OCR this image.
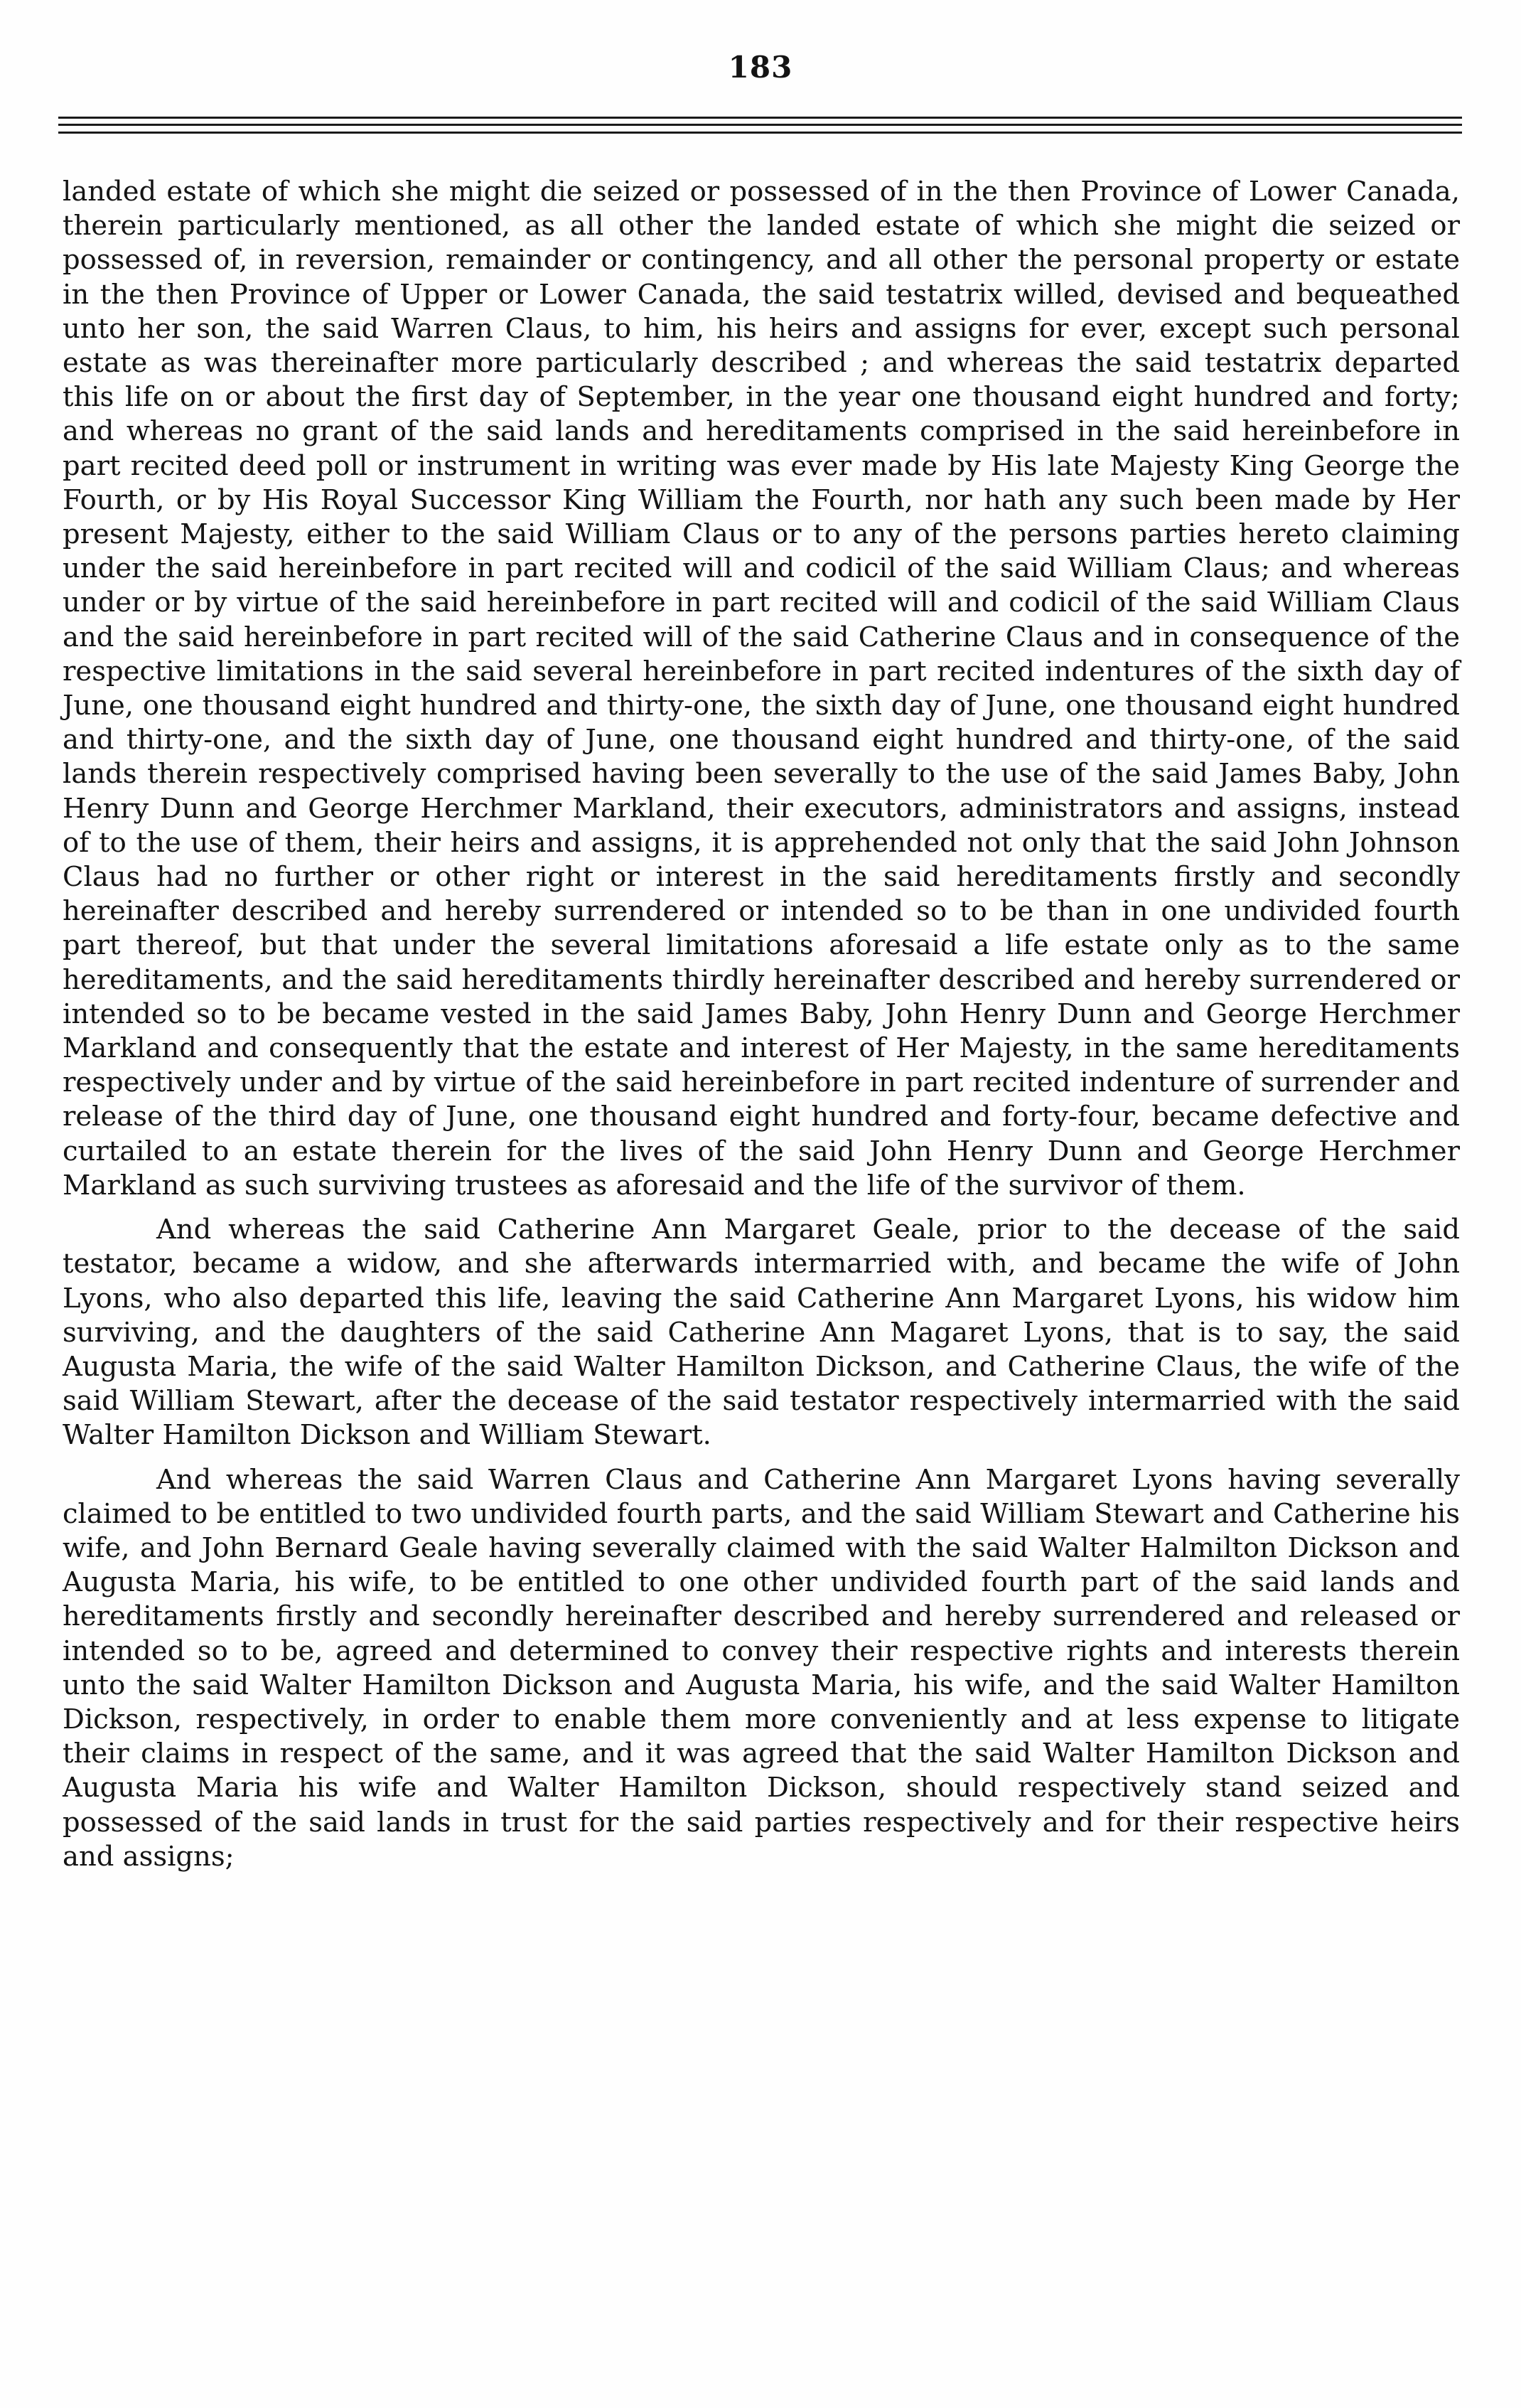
183

landed estate of which she might die seized or possessed of in the then Province of Lower Canada, therein particularly mentioned, as all other the landed estate of which she might die seized or possessed of, in reversion, remainder or contingency, and all other the personal property or estate in the then Province of Upper or Lower Canada, the said testatrix willed, devised and bequeathed unto her son, the said Warren Claus, to him, his heirs and assigns for ever, except such personal estate as was thereinafter more particularly described ; and whereas the said testatrix departed this life on or about the first day of September, in the year one thousand eight hundred and forty; and whereas no grant of the said lands and hereditaments comprised in the said hereinbefore in part recited deed poll or instrument in writing was ever made by His late Majesty King George the Fourth, or by His Royal Successor King William the Fourth, nor hath any such been made by Her present Majesty, either to the said William Claus or to any of the persons parties hereto claiming under the said hereinbefore in part recited will and codicil of the said William Claus; and whereas under or by virtue of the said hereinbefore in part recited will and codicil of the said William Claus and the said hereinbefore in part recited will of the said Catherine Claus and in consequence of the respective limitations in the said several hereinbefore in part recited indentures of the sixth day of June, one thousand eight hundred and thirty-one, the sixth day of June, one thousand eight hundred and thirty-one, and the sixth day of June, one thousand eight hundred and thirty-one, of the said lands therein respectively comprised having been severally to the use of the said James Baby, John Henry Dunn and George Herchmer Markland, their executors, administrators and assigns, instead of to the use of them, their heirs and assigns, it is apprehended not only that the said John Johnson Claus had no further or other right or interest in the said hereditaments firstly and secondly hereinafter described and hereby surrendered or intended so to be than in one undivided fourth part thereof, but that under the several limitations aforesaid a life estate only as to the same hereditaments, and the said hereditaments thirdly hereinafter described and hereby surrendered or intended so to be became vested in the said James Baby, John Henry Dunn and George Herchmer Markland and consequently that the estate and interest of Her Majesty, in the same hereditaments respectively under and by virtue of the said hereinbefore in part recited indenture of surrender and release of the third day of June, one thousand eight hundred and forty-four, became defective and curtailed to an estate therein for the lives of the said John Henry Dunn and George Herchmer Markland as such surviving trustees as aforesaid and the life of the survivor of them.

And whereas the said Catherine Ann Margaret Geale, prior to the decease of the said testator, became a widow, and she afterwards intermarried with, and became the wife of John Lyons, who also departed this life, leaving the said Catherine Ann Margaret Lyons, his widow him surviving, and the daughters of the said Catherine Ann Magaret Lyons, that is to say, the said Augusta Maria, the wife of the said Walter Hamilton Dickson, and Catherine Claus, the wife of the said William Stewart, after the decease of the said testator respectively intermarried with the said Walter Hamilton Dickson and William Stewart.

And whereas the said Warren Claus and Catherine Ann Margaret Lyons having severally claimed to be entitled to two undivided fourth parts, and the said William Stewart and Catherine his wife, and John Bernard Geale having severally claimed with the said Walter Halmilton Dickson and Augusta Maria, his wife, to be entitled to one other undivided fourth part of the said lands and hereditaments firstly and secondly hereinafter described and hereby surrendered and released or intended so to be, agreed and determined to convey their respective rights and interests therein unto the said Walter Hamilton Dickson and Augusta Maria, his wife, and the said Walter Hamilton Dickson, respectively, in order to enable them more conveniently and at less expense to litigate their claims in respect of the same, and it was agreed that the said Walter Hamilton Dickson and Augusta Maria his wife and Walter Hamilton Dickson, should respectively stand seized and possessed of the said lands in trust for the said parties respectively and for their respective heirs and assigns;
